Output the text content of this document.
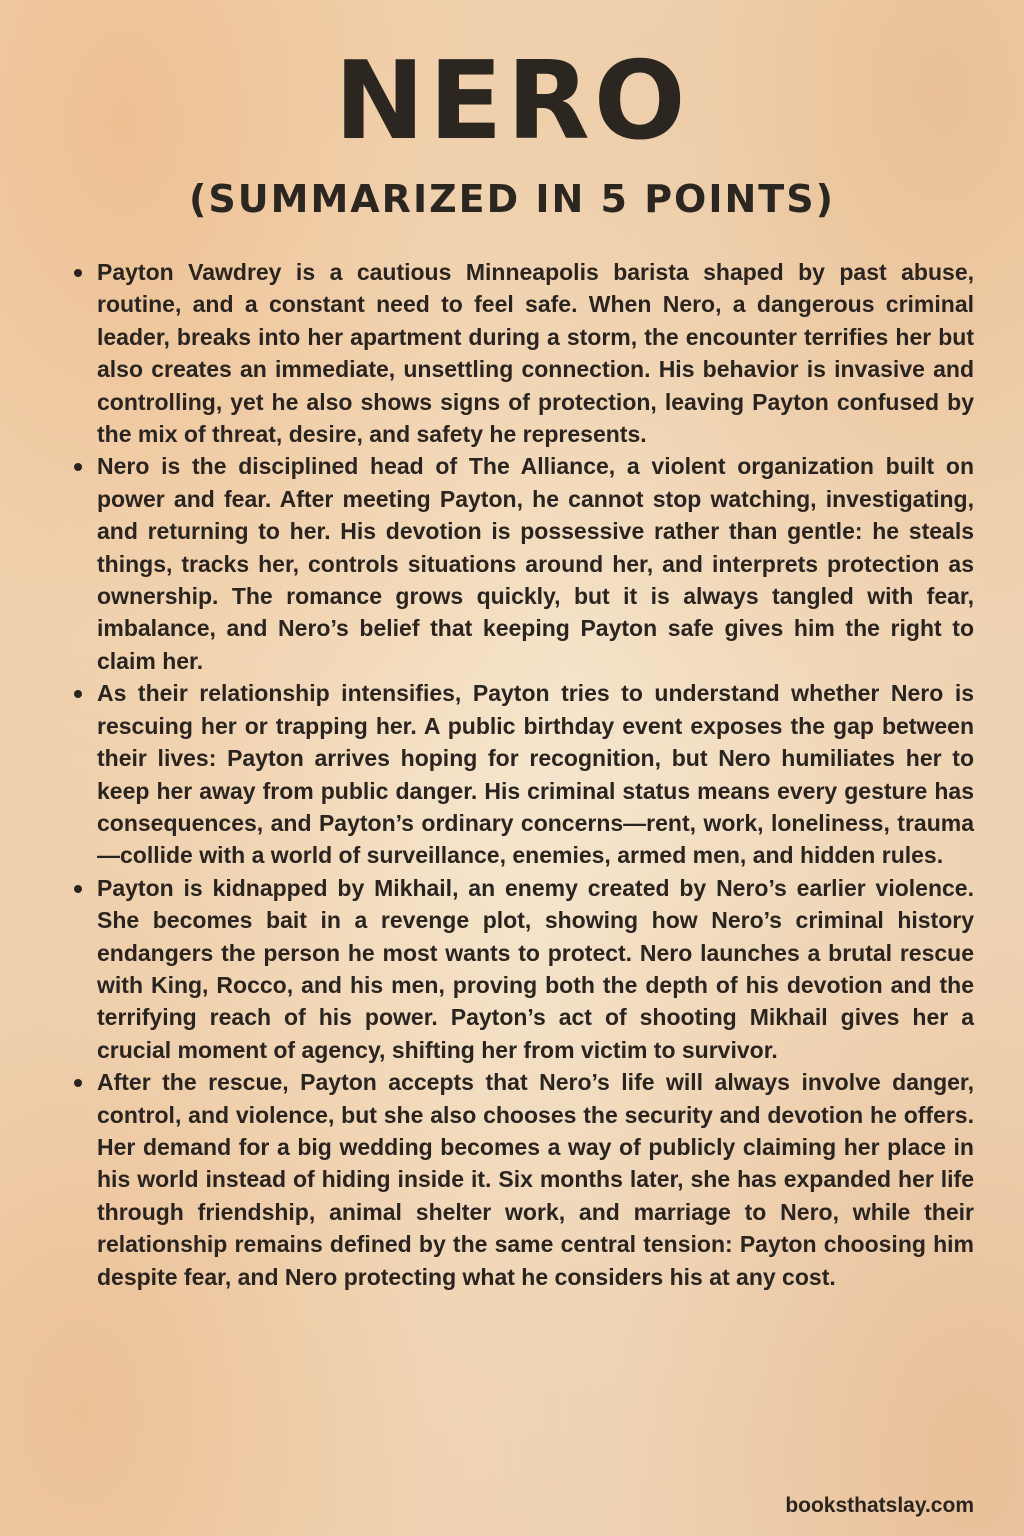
NERO
(SUMMARIZED IN 5 POINTS)
Payton Vawdrey is a cautious Minneapolis barista shaped by past abuse, routine, and a constant need to feel safe. When Nero, a dangerous criminal leader, breaks into her apartment during a storm, the encounter terrifies her but also creates an immediate, unsettling connection. His behavior is invasive and controlling, yet he also shows signs of protection, leaving Payton confused by the mix of threat, desire, and safety he represents.
Nero is the disciplined head of The Alliance, a violent organization built on power and fear. After meeting Payton, he cannot stop watching, investigating, and returning to her. His devotion is possessive rather than gentle: he steals things, tracks her, controls situations around her, and interprets protection as ownership. The romance grows quickly, but it is always tangled with fear, imbalance, and Nero’s belief that keeping Payton safe gives him the right to claim her.
As their relationship intensifies, Payton tries to understand whether Nero is rescuing her or trapping her. A public birthday event exposes the gap between their lives: Payton arrives hoping for recognition, but Nero humiliates her to keep her away from public danger. His criminal status means every gesture has consequences, and Payton’s ordinary concerns—rent, work, loneliness, trauma—collide with a world of surveillance, enemies, armed men, and hidden rules.
Payton is kidnapped by Mikhail, an enemy created by Nero’s earlier violence. She becomes bait in a revenge plot, showing how Nero’s criminal history endangers the person he most wants to protect. Nero launches a brutal rescue with King, Rocco, and his men, proving both the depth of his devotion and the terrifying reach of his power. Payton’s act of shooting Mikhail gives her a crucial moment of agency, shifting her from victim to survivor.
After the rescue, Payton accepts that Nero’s life will always involve danger, control, and violence, but she also chooses the security and devotion he offers. Her demand for a big wedding becomes a way of publicly claiming her place in his world instead of hiding inside it. Six months later, she has expanded her life through friendship, animal shelter work, and marriage to Nero, while their relationship remains defined by the same central tension: Payton choosing him despite fear, and Nero protecting what he considers his at any cost.
booksthatslay.com
